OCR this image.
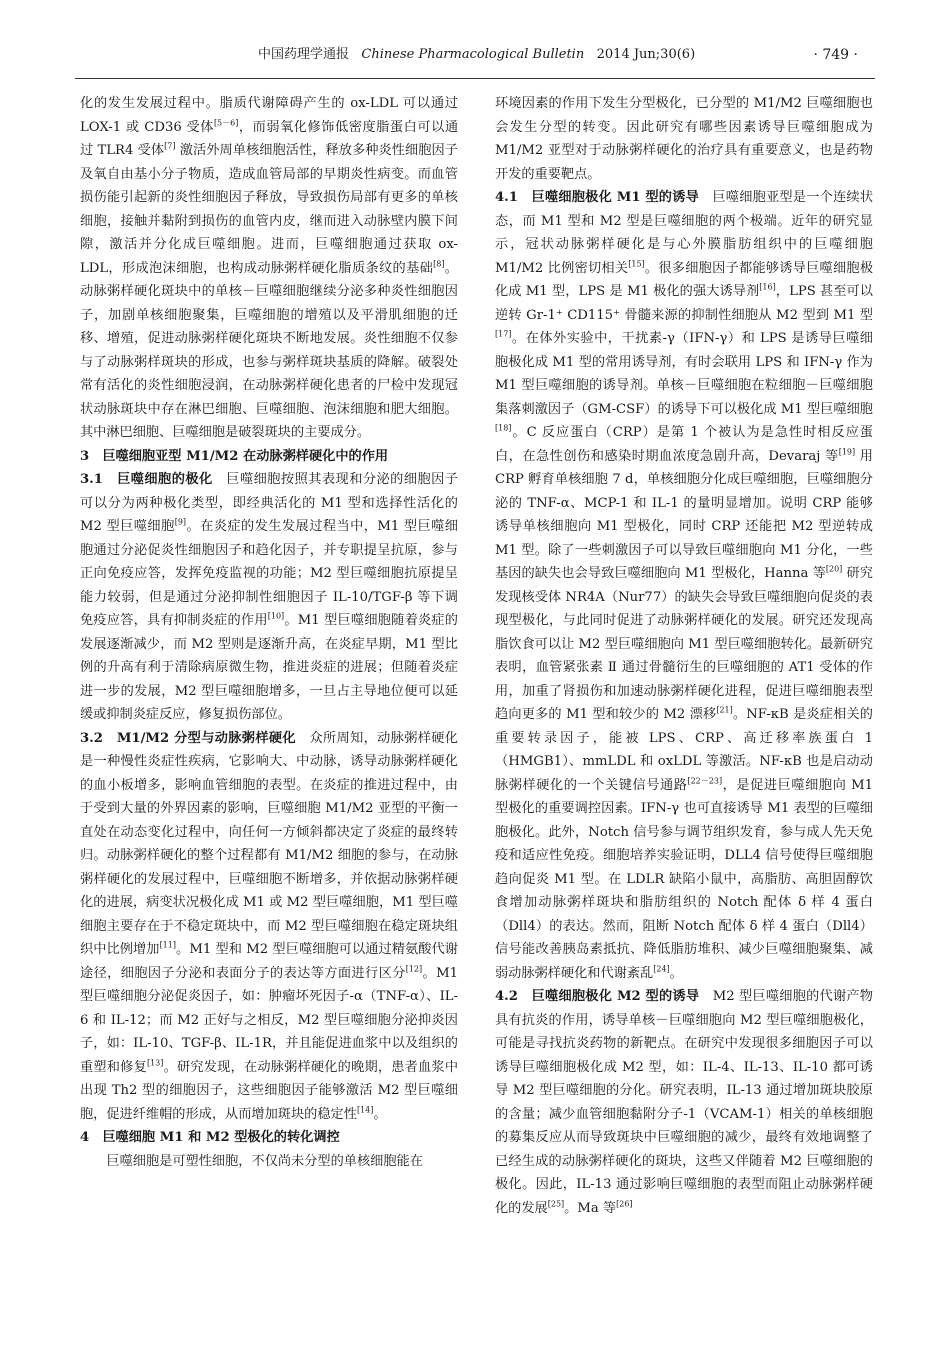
中国药理学通报 Chinese Pharmacological Bulletin 2014 Jun;30(6)	· 749 ·

化的发生发展过程中。脂质代谢障碍产生的 ox-LDL 可以通过 LOX-1 或 CD36 受体[5－6]，而弱氧化修饰低密度脂蛋白可以通过 TLR4 受体[7] 激活外周单核细胞活性，释放多种炎性细胞因子及氧自由基小分子物质，造成血管局部的早期炎性病变。而血管损伤能引起新的炎性细胞因子释放，导致损伤局部有更多的单核细胞，接触并黏附到损伤的血管内皮，继而进入动脉壁内膜下间隙，激活并分化成巨噬细胞。进而，巨噬细胞通过获取 ox-LDL，形成泡沫细胞，也构成动脉粥样硬化脂质条纹的基础[8]。动脉粥样硬化斑块中的单核－巨噬细胞继续分泌多种炎性细胞因子，加剧单核细胞聚集，巨噬细胞的增殖以及平滑肌细胞的迁移、增殖，促进动脉粥样硬化斑块不断地发展。炎性细胞不仅参与了动脉粥样斑块的形成，也参与粥样斑块基质的降解。破裂处常有活化的炎性细胞浸润，在动脉粥样硬化患者的尸检中发现冠状动脉斑块中存在淋巴细胞、巨噬细胞、泡沫细胞和肥大细胞。其中淋巴细胞、巨噬细胞是破裂斑块的主要成分。

3　巨噬细胞亚型 M1/M2 在动脉粥样硬化中的作用

3.1　巨噬细胞的极化　巨噬细胞按照其表现和分泌的细胞因子可以分为两种极化类型，即经典活化的 M1 型和选择性活化的 M2 型巨噬细胞[9]。在炎症的发生发展过程当中，M1 型巨噬细胞通过分泌促炎性细胞因子和趋化因子，并专职提呈抗原，参与正向免疫应答，发挥免疫监视的功能；M2 型巨噬细胞抗原提呈能力较弱，但是通过分泌抑制性细胞因子 IL-10/TGF-β 等下调免疫应答，具有抑制炎症的作用[10]。M1 型巨噬细胞随着炎症的发展逐渐减少，而 M2 型则是逐渐升高，在炎症早期，M1 型比例的升高有利于清除病原微生物，推进炎症的进展；但随着炎症进一步的发展，M2 型巨噬细胞增多，一旦占主导地位便可以延缓或抑制炎症反应，修复损伤部位。

3.2　M1/M2 分型与动脉粥样硬化　众所周知，动脉粥样硬化是一种慢性炎症性疾病，它影响大、中动脉，诱导动脉粥样硬化的血小板增多，影响血管细胞的表型。在炎症的推进过程中，由于受到大量的外界因素的影响，巨噬细胞 M1/M2 亚型的平衡一直处在动态变化过程中，向任何一方倾斜都决定了炎症的最终转归。动脉粥样硬化的整个过程都有 M1/M2 细胞的参与，在动脉粥样硬化的发展过程中，巨噬细胞不断增多，并依据动脉粥样硬化的进展，病变状况极化成 M1 或 M2 型巨噬细胞，M1 型巨噬细胞主要存在于不稳定斑块中，而 M2 型巨噬细胞在稳定斑块组织中比例增加[11]。M1 型和 M2 型巨噬细胞可以通过精氨酸代谢途径，细胞因子分泌和表面分子的表达等方面进行区分[12]。M1 型巨噬细胞分泌促炎因子，如：肿瘤坏死因子-α（TNF-α）、IL-6 和 IL-12；而 M2 正好与之相反，M2 型巨噬细胞分泌抑炎因子，如：IL-10、TGF-β、IL-1R，并且能促进血浆中以及组织的重塑和修复[13]。研究发现，在动脉粥样硬化的晚期，患者血浆中出现 Th2 型的细胞因子，这些细胞因子能够激活 M2 型巨噬细胞，促进纤维帽的形成，从而增加斑块的稳定性[14]。

4　巨噬细胞 M1 和 M2 型极化的转化调控

巨噬细胞是可塑性细胞，不仅尚未分型的单核细胞能在

环境因素的作用下发生分型极化，已分型的 M1/M2 巨噬细胞也会发生分型的转变。因此研究有哪些因素诱导巨噬细胞成为 M1/M2 亚型对于动脉粥样硬化的治疗具有重要意义，也是药物开发的重要靶点。

4.1　巨噬细胞极化 M1 型的诱导　巨噬细胞亚型是一个连续状态，而 M1 型和 M2 型是巨噬细胞的两个极端。近年的研究显示，冠状动脉粥样硬化是与心外膜脂肪组织中的巨噬细胞 M1/M2 比例密切相关[15]。很多细胞因子都能够诱导巨噬细胞极化成 M1 型，LPS 是 M1 极化的强大诱导剂[16]，LPS 甚至可以逆转 Gr-1⁺ CD115⁺ 骨髓来源的抑制性细胞从 M2 型到 M1 型[17]。在体外实验中，干扰素-γ（IFN-γ）和 LPS 是诱导巨噬细胞极化成 M1 型的常用诱导剂，有时会联用 LPS 和 IFN-γ 作为 M1 型巨噬细胞的诱导剂。单核－巨噬细胞在粒细胞－巨噬细胞集落刺激因子（GM-CSF）的诱导下可以极化成 M1 型巨噬细胞[18]。C 反应蛋白（CRP）是第 1 个被认为是急性时相反应蛋白，在急性创伤和感染时期血浓度急剧升高，Devaraj 等[19] 用 CRP 孵育单核细胞 7 d，单核细胞分化成巨噬细胞，巨噬细胞分泌的 TNF-α、MCP-1 和 IL-1 的量明显增加。说明 CRP 能够诱导单核细胞向 M1 型极化，同时 CRP 还能把 M2 型逆转成 M1 型。除了一些刺激因子可以导致巨噬细胞向 M1 分化，一些基因的缺失也会导致巨噬细胞向 M1 型极化，Hanna 等[20] 研究发现核受体 NR4A（Nur77）的缺失会导致巨噬细胞向促炎的表现型极化，与此同时促进了动脉粥样硬化的发展。研究还发现高脂饮食可以让 M2 型巨噬细胞向 M1 型巨噬细胞转化。最新研究表明，血管紧张素 Ⅱ 通过骨髓衍生的巨噬细胞的 AT1 受体的作用，加重了肾损伤和加速动脉粥样硬化进程，促进巨噬细胞表型趋向更多的 M1 型和较少的 M2 漂移[21]。NF-κB 是炎症相关的重要转录因子，能被 LPS、CRP、高迁移率族蛋白 1（HMGB1）、mmLDL 和 oxLDL 等激活。NF-κB 也是启动动脉粥样硬化的一个关键信号通路[22－23]，是促进巨噬细胞向 M1 型极化的重要调控因素。IFN-γ 也可直接诱导 M1 表型的巨噬细胞极化。此外，Notch 信号参与调节组织发育，参与成人先天免疫和适应性免疫。细胞培养实验证明，DLL4 信号使得巨噬细胞趋向促炎 M1 型。在 LDLR 缺陷小鼠中，高脂肪、高胆固醇饮食增加动脉粥样斑块和脂肪组织的 Notch 配体 δ 样 4 蛋白（Dll4）的表达。然而，阻断 Notch 配体 δ 样 4 蛋白（Dll4）信号能改善胰岛素抵抗、降低脂肪堆积、减少巨噬细胞聚集、减弱动脉粥样硬化和代谢紊乱[24]。

4.2　巨噬细胞极化 M2 型的诱导　M2 型巨噬细胞的代谢产物具有抗炎的作用，诱导单核－巨噬细胞向 M2 型巨噬细胞极化，可能是寻找抗炎药物的新靶点。在研究中发现很多细胞因子可以诱导巨噬细胞极化成 M2 型，如：IL-4、IL-13、IL-10 都可诱导 M2 型巨噬细胞的分化。研究表明，IL-13 通过增加斑块胶原的含量；减少血管细胞黏附分子-1（VCAM-1）相关的单核细胞的募集反应从而导致斑块中巨噬细胞的减少，最终有效地调整了已经生成的动脉粥样硬化的斑块，这些又伴随着 M2 巨噬细胞的极化。因此，IL-13 通过影响巨噬细胞的表型而阻止动脉粥样硬化的发展[25]。Ma 等[26]
